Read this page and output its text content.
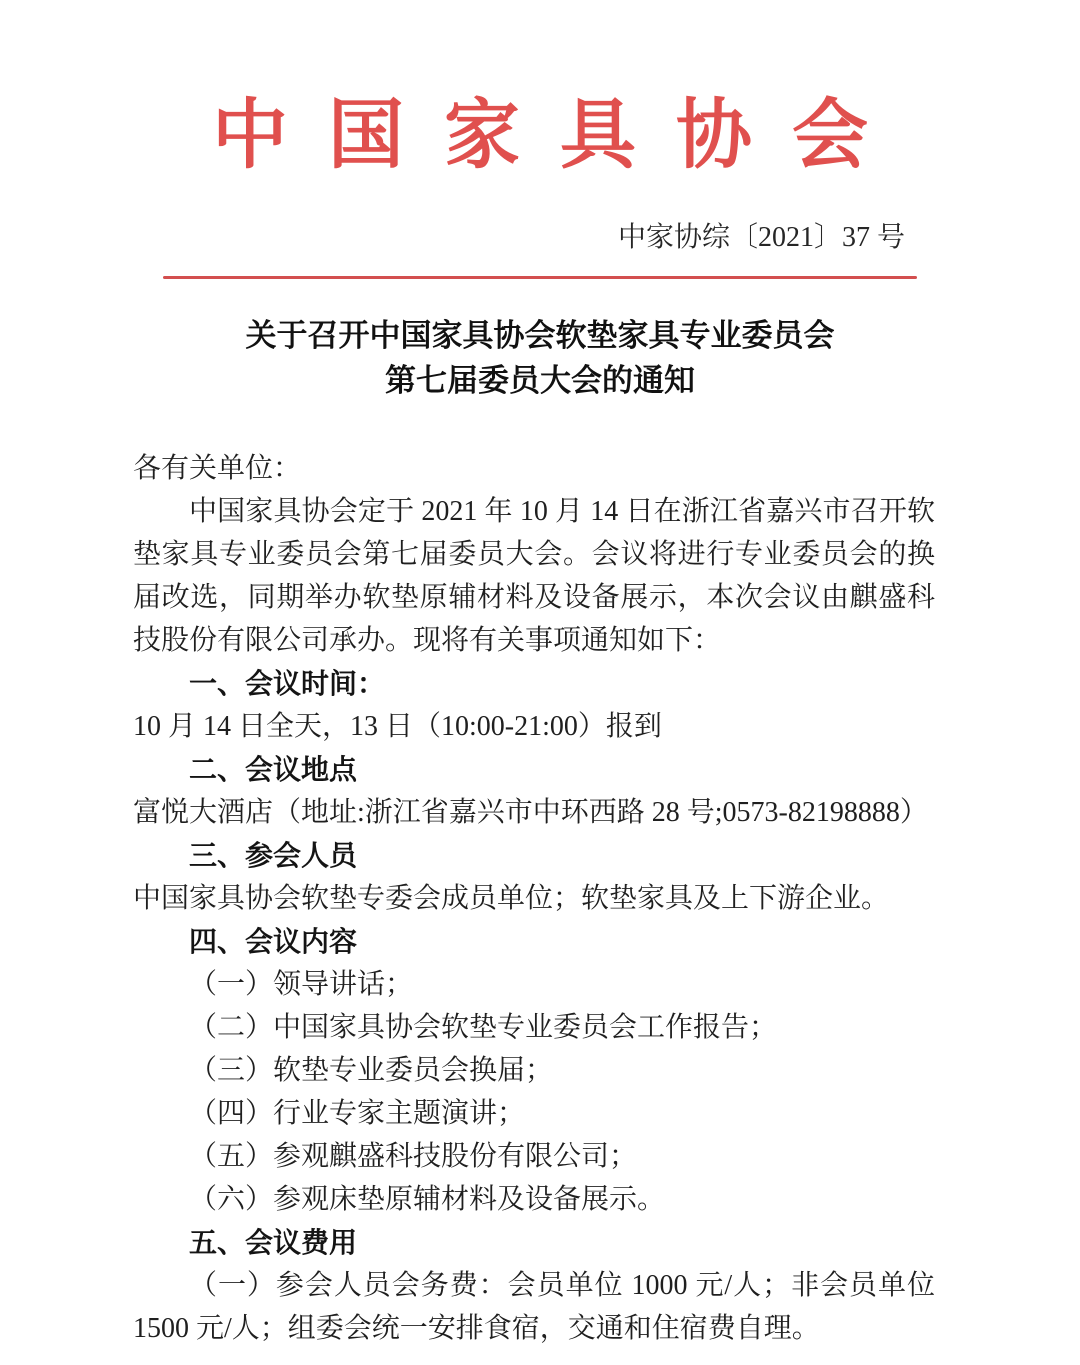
中国家具协会
中家协综〔2021〕37 号
关于召开中国家具协会软垫家具专业委员会
第七届委员大会的通知

各有关单位：

中国家具协会定于 2021 年 10 月 14 日在浙江省嘉兴市召开软垫家具专业委员会第七届委员大会。会议将进行专业委员会的换届改选，同期举办软垫原辅材料及设备展示，本次会议由麒盛科技股份有限公司承办。现将有关事项通知如下：

一、会议时间：

10 月 14 日全天，13 日（10:00-21:00）报到

二、会议地点

富悦大酒店（地址:浙江省嘉兴市中环西路 28 号;0573-82198888）

三、参会人员

中国家具协会软垫专委会成员单位；软垫家具及上下游企业。

四、会议内容

（一）领导讲话；

（二）中国家具协会软垫专业委员会工作报告；

（三）软垫专业委员会换届；

（四）行业专家主题演讲；

（五）参观麒盛科技股份有限公司；

（六）参观床垫原辅材料及设备展示。

五、会议费用

（一）参会人员会务费：会员单位 1000 元/人；非会员单位 1500 元/人；组委会统一安排食宿，交通和住宿费自理。
